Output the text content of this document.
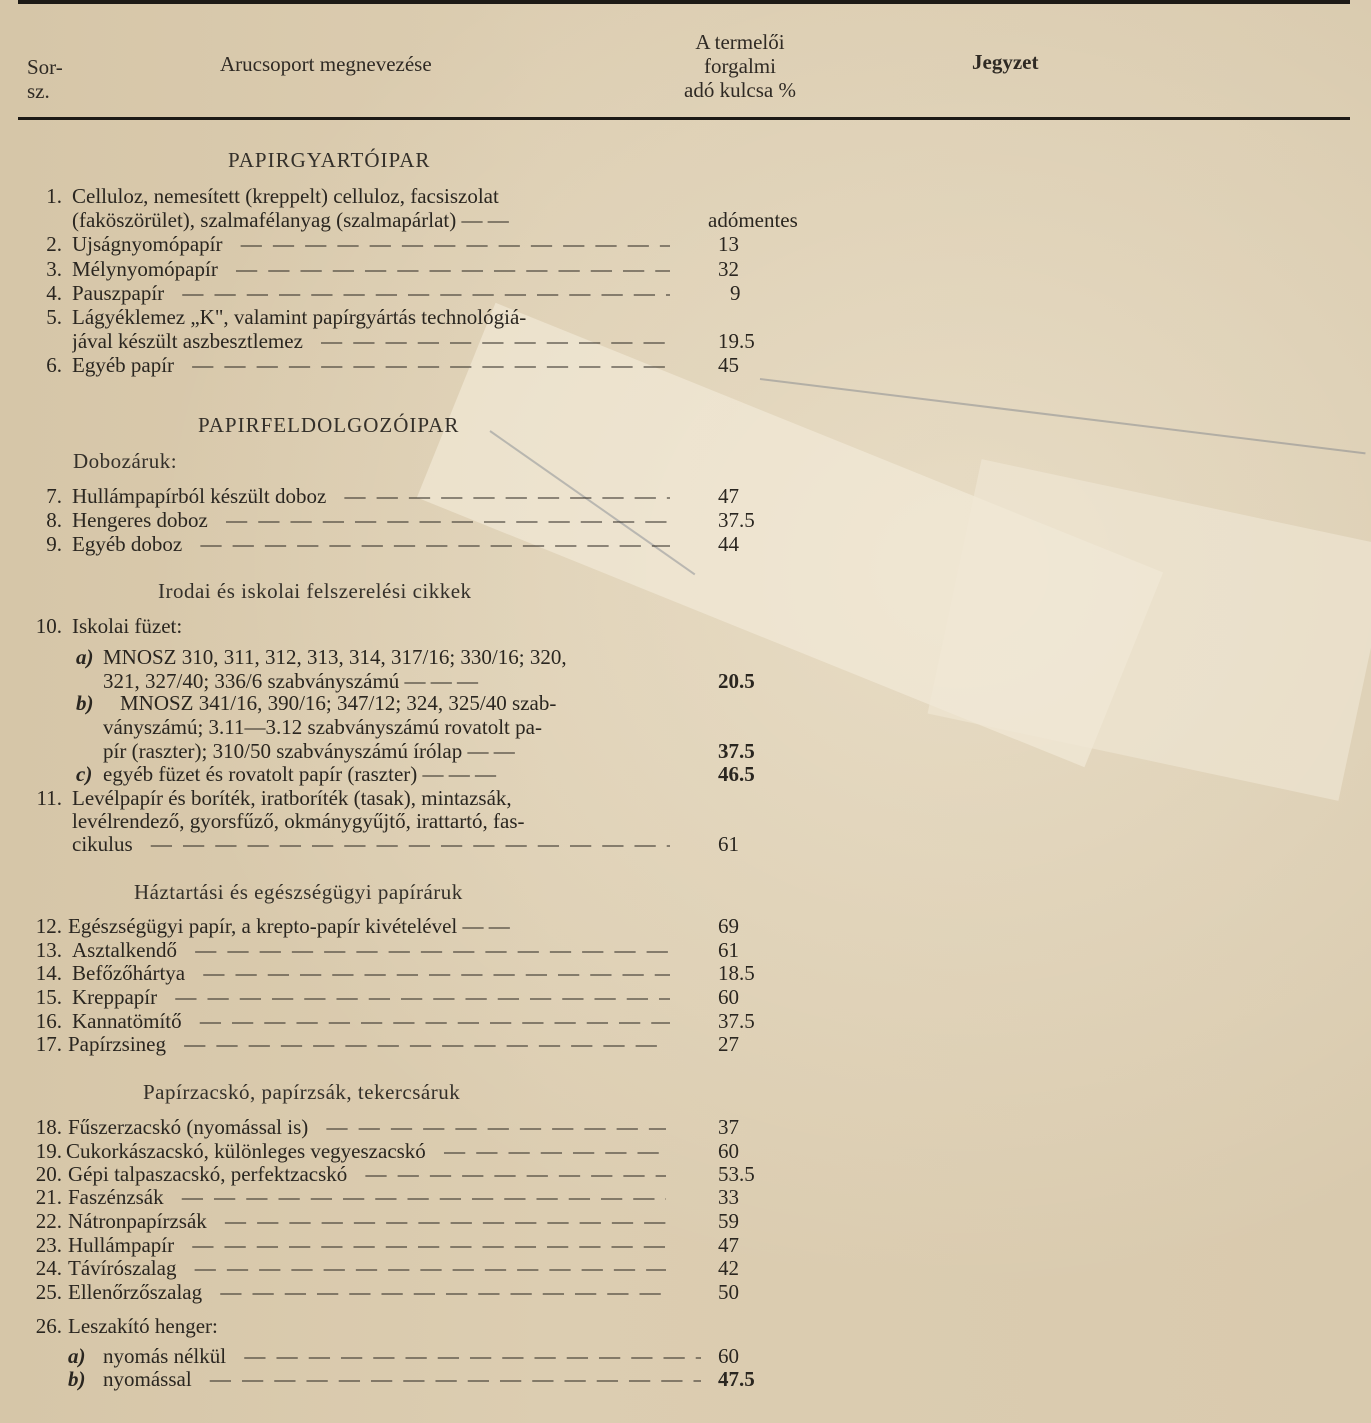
Sor-
sz.
Arucsoport megnevezése
A termelői
forgalmi
adó kulcsa %
Jegyzet
PAPIRGYARTÓIPAR
1. Celluloz, nemesített (kreppelt) celluloz, facsiszolat
(faköszörület), szalmafélanyag (szalmapárlat) — —	adómentes
2. Ujságnyomópapír — — —	13
3. Mélynyomópapír — — —	32
4. Pauszpapír — — —	9
5. Lágyéklemez „K", valamint papírgyártás technológiá-
jával készült aszbesztlemez — — —	19.5
6. Egyéb papír — — —	45
PAPIRFELDOLGOZÓIPAR
Dobozáruk:
7. Hullámpapírból készült doboz — — —	47
8. Hengeres doboz — — —	37.5
9. Egyéb doboz — — —	44
Irodai és iskolai felszerelési cikkek
10. Iskolai füzet:
a) MNOSZ 310, 311, 312, 313, 314, 317/16; 330/16; 320,
321, 327/40; 336/6 szabványszámú — — —	20.5
b) MNOSZ 341/16, 390/16; 347/12; 324, 325/40 szab-
ványszámú; 3.11—3.12 szabványszámú rovatolt pa-
pír (raszter); 310/50 szabványszámú írólap — —	37.5
c) egyéb füzet és rovatolt papír (raszter) — — —	46.5
11. Levélpapír és boríték, iratboríték (tasak), mintazsák,
levélrendező, gyorsfűző, okmánygyűjtő, irattartó, fas-
cikulus — — —	61
Háztartási és egészségügyi papíráruk
12. Egészségügyi papír, a krepto-papír kivételével — —	69
13. Asztalkendő — — —	61
14. Befőzőhártya — — —	18.5
15. Kreppapír — — —	60
16. Kannatömítő — — —	37.5
17. Papírzsineg — — —	27
Papírzacskó, papírzsák, tekercsáruk
18. Fűszerzacskó (nyomással is) — — —	37
19. Cukorkászacskó, különleges vegyeszacskó — — —	60
20. Gépi talpaszacskó, perfektzacskó — — —	53.5
21. Faszénzsák — — —	33
22. Nátronpapírzsák — — —	59
23. Hullámpapír — — —	47
24. Távírószalag — — —	42
25. Ellenőrzőszalag — — —	50
26. Leszakító henger:
a) nyomás nélkül — — —	60
b) nyomással — — —	47.5
